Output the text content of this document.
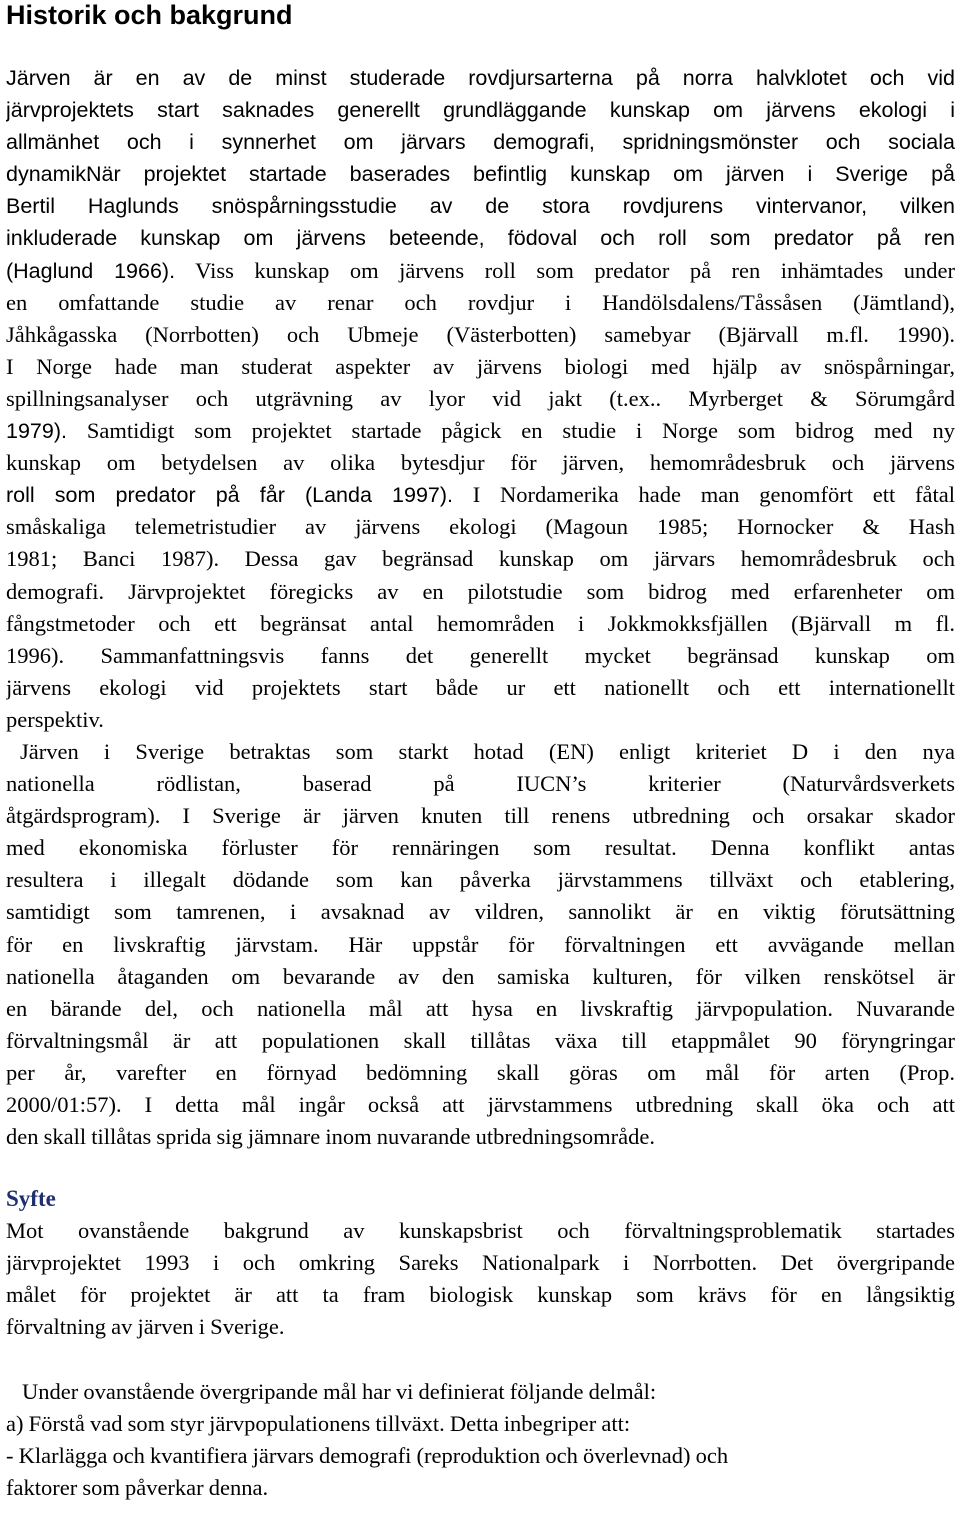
Historik och bakgrund
Järven är en av de minst studerade rovdjursarterna på norra halvklotet och vid
järvprojektets start saknades generellt grundläggande kunskap om järvens ekologi i
allmänhet och i synnerhet om järvars demografi, spridningsmönster och sociala
dynamik.
När projektet startade baserades befintlig kunskap om järven i Sverige på
Bertil Haglunds snöspårningsstudie av de stora rovdjurens vintervanor, vilken
inkluderade kunskap om järvens beteende, födoval och roll som predator på ren
(Haglund 1966). Viss kunskap om järvens roll som predator på ren inhämtades under
en omfattande studie av renar och rovdjur i Handölsdalens/Tåssåsen (Jämtland),
Jåhkågasska (Norrbotten) och Ubmeje (Västerbotten) samebyar (Bjärvall m.fl. 1990).
I Norge hade man studerat aspekter av järvens biologi med hjälp av snöspårningar,
spillningsanalyser och utgrävning av lyor vid jakt (t.ex.. Myrberget & Sörumgård
1979). Samtidigt som projektet startade pågick en studie i Norge som bidrog med ny
kunskap om betydelsen av olika bytesdjur för järven, hemområdesbruk och järvens
roll som predator på får (Landa 1997). I Nordamerika hade man genomfört ett fåtal
småskaliga telemetristudier av järvens ekologi (Magoun 1985; Hornocker & Hash
1981; Banci 1987). Dessa gav begränsad kunskap om järvars hemområdesbruk och
demografi. Järvprojektet föregicks av en pilotstudie som bidrog med erfarenheter om
fångstmetoder och ett begränsat antal hemområden i Jokkmokksfjällen (Bjärvall m fl.
1996). Sammanfattningsvis fanns det generellt mycket begränsad kunskap om
järvens ekologi vid projektets start både ur ett nationellt och ett internationellt
perspektiv.
Järven i Sverige betraktas som starkt hotad (EN) enligt kriteriet D i den nya
nationella rödlistan, baserad på IUCN’s kriterier (Naturvårdsverkets
åtgärdsprogram). I Sverige är järven knuten till renens utbredning och orsakar skador
med ekonomiska förluster för rennäringen som resultat. Denna konflikt antas
resultera i illegalt dödande som kan påverka järvstammens tillväxt och etablering,
samtidigt som tamrenen, i avsaknad av vildren, sannolikt är en viktig förutsättning
för en livskraftig järvstam. Här uppstår för förvaltningen ett avvägande mellan
nationella åtaganden om bevarande av den samiska kulturen, för vilken renskötsel är
en bärande del, och nationella mål att hysa en livskraftig järvpopulation. Nuvarande
förvaltningsmål är att populationen skall tillåtas växa till etappmålet 90 föryngringar
per år, varefter en förnyad bedömning skall göras om mål för arten (Prop.
2000/01:57). I detta mål ingår också att järvstammens utbredning skall öka och att
den skall tillåtas sprida sig jämnare inom nuvarande utbredningsområde.
Syfte
Mot ovanstående bakgrund av kunskapsbrist och förvaltningsproblematik startades
järvprojektet 1993 i och omkring Sareks Nationalpark i Norrbotten. Det övergripande
målet för projektet är att ta fram biologisk kunskap som krävs för en långsiktig
förvaltning av järven i Sverige.
Under ovanstående övergripande mål har vi definierat följande delmål:
a) Förstå vad som styr järvpopulationens tillväxt. Detta inbegriper att:
- Klarlägga och kvantifiera järvars demografi (reproduktion och överlevnad) och
faktorer som påverkar denna.
